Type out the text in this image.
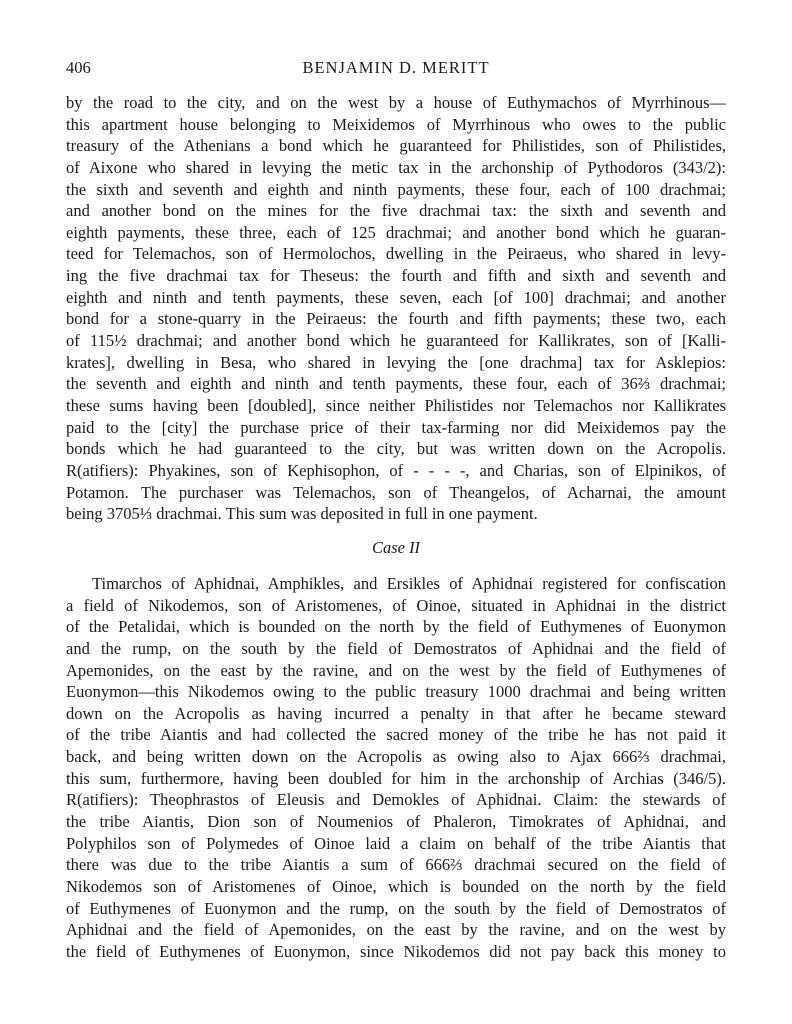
406	BENJAMIN D. MERITT
by the road to the city, and on the west by a house of Euthymachos of Myrrhinous—
this apartment house belonging to Meixidemos of Myrrhinous who owes to the public
treasury of the Athenians a bond which he guaranteed for Philistides, son of Philistides,
of Aixone who shared in levying the metic tax in the archonship of Pythodoros (343/2):
the sixth and seventh and eighth and ninth payments, these four, each of 100 drachmai;
and another bond on the mines for the five drachmai tax: the sixth and seventh and
eighth payments, these three, each of 125 drachmai; and another bond which he guaran-
teed for Telemachos, son of Hermolochos, dwelling in the Peiraeus, who shared in levy-
ing the five drachmai tax for Theseus: the fourth and fifth and sixth and seventh and
eighth and ninth and tenth payments, these seven, each [of 100] drachmai; and another
bond for a stone-quarry in the Peiraeus: the fourth and fifth payments; these two, each
of 115½ drachmai; and another bond which he guaranteed for Kallikrates, son of [Kalli-
krates], dwelling in Besa, who shared in levying the [one drachma] tax for Asklepios:
the seventh and eighth and ninth and tenth payments, these four, each of 36⅔ drachmai;
these sums having been [doubled], since neither Philistides nor Telemachos nor Kallikrates
paid to the [city] the purchase price of their tax-farming nor did Meixidemos pay the
bonds which he had guaranteed to the city, but was written down on the Acropolis.
R(atifiers): Phyakines, son of Kephisophon, of - - - -, and Charias, son of Elpinikos, of
Potamon. The purchaser was Telemachos, son of Theangelos, of Acharnai, the amount
being 3705⅓ drachmai. This sum was deposited in full in one payment.
Case II
Timarchos of Aphidnai, Amphikles, and Ersikles of Aphidnai registered for confiscation
a field of Nikodemos, son of Aristomenes, of Oinoe, situated in Aphidnai in the district
of the Petalidai, which is bounded on the north by the field of Euthymenes of Euonymon
and the rump, on the south by the field of Demostratos of Aphidnai and the field of
Apemonides, on the east by the ravine, and on the west by the field of Euthymenes of
Euonymon—this Nikodemos owing to the public treasury 1000 drachmai and being written
down on the Acropolis as having incurred a penalty in that after he became steward
of the tribe Aiantis and had collected the sacred money of the tribe he has not paid it
back, and being written down on the Acropolis as owing also to Ajax 666⅔ drachmai,
this sum, furthermore, having been doubled for him in the archonship of Archias (346/5).
R(atifiers): Theophrastos of Eleusis and Demokles of Aphidnai. Claim: the stewards of
the tribe Aiantis, Dion son of Noumenios of Phaleron, Timokrates of Aphidnai, and
Polyphilos son of Polymedes of Oinoe laid a claim on behalf of the tribe Aiantis that
there was due to the tribe Aiantis a sum of 666⅔ drachmai secured on the field of
Nikodemos son of Aristomenes of Oinoe, which is bounded on the north by the field
of Euthymenes of Euonymon and the rump, on the south by the field of Demostratos of
Aphidnai and the field of Apemonides, on the east by the ravine, and on the west by
the field of Euthymenes of Euonymon, since Nikodemos did not pay back this money to
